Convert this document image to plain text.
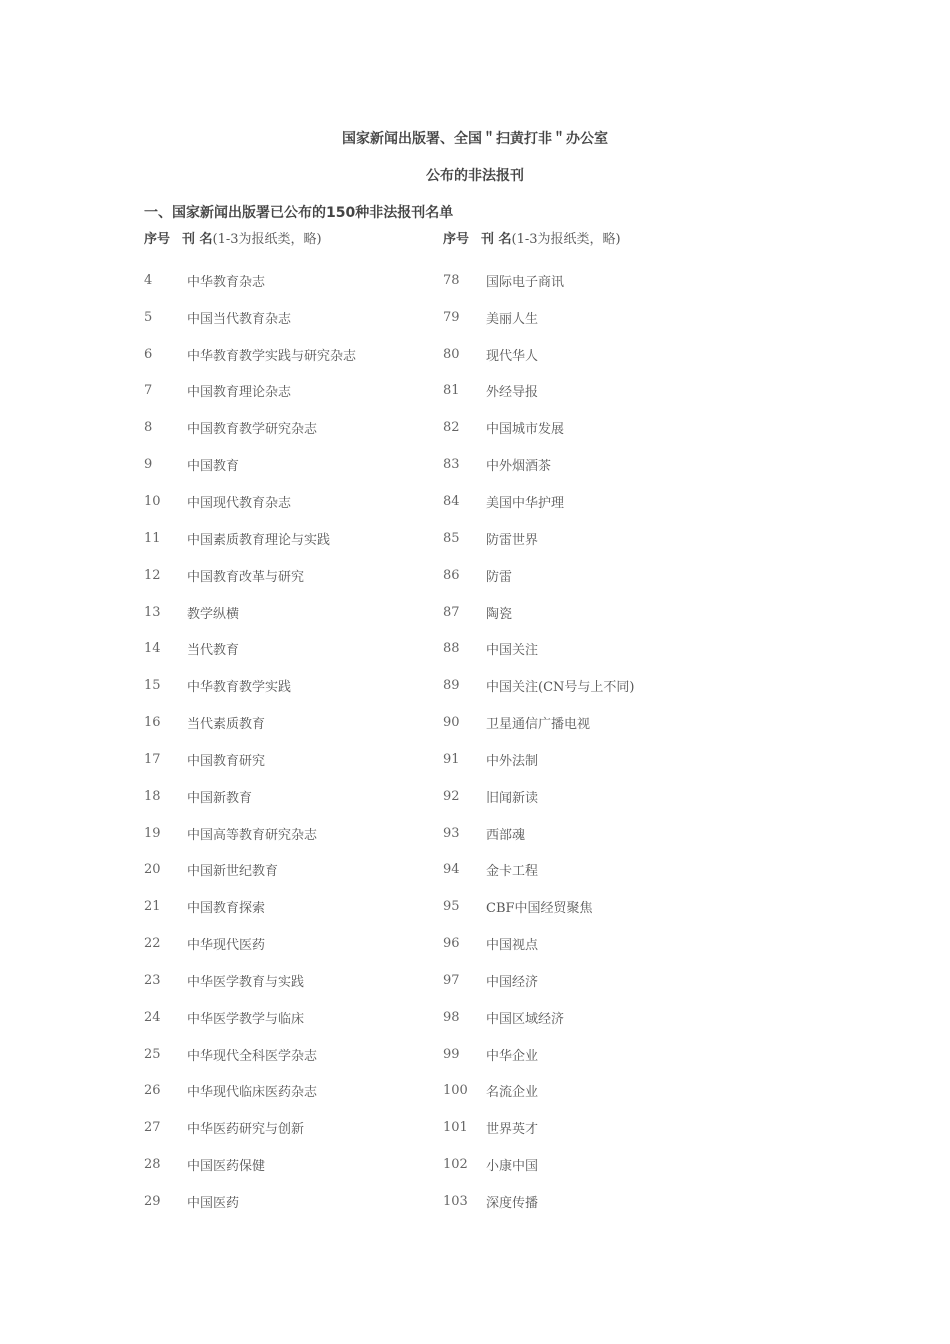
国家新闻出版署、全国＂扫黄打非＂办公室
公布的非法报刊
一、国家新闻出版署已公布的150种非法报刊名单
序号 刊 名(1-3为报纸类，略)	序号 刊 名(1-3为报纸类，略)
4	中华教育杂志
5	中国当代教育杂志
6	中华教育教学实践与研究杂志
7	中国教育理论杂志
8	中国教育教学研究杂志
9	中国教育
10	中国现代教育杂志
11	中国素质教育理论与实践
12	中国教育改革与研究
13	教学纵横
14	当代教育
15	中华教育教学实践
16	当代素质教育
17	中国教育研究
18	中国新教育
19	中国高等教育研究杂志
20	中国新世纪教育
21	中国教育探索
22	中华现代医药
23	中华医学教育与实践
24	中华医学教学与临床
25	中华现代全科医学杂志
26	中华现代临床医药杂志
27	中华医药研究与创新
28	中国医药保健
29	中国医药
78	国际电子商讯
79	美丽人生
80	现代华人
81	外经导报
82	中国城市发展
83	中外烟酒茶
84	美国中华护理
85	防雷世界
86	防雷
87	陶瓷
88	中国关注
89	中国关注(CN号与上不同)
90	卫星通信广播电视
91	中外法制
92	旧闻新读
93	西部魂
94	金卡工程
95	CBF中国经贸聚焦
96	中国视点
97	中国经济
98	中国区域经济
99	中华企业
100	名流企业
101	世界英才
102	小康中国
103	深度传播
